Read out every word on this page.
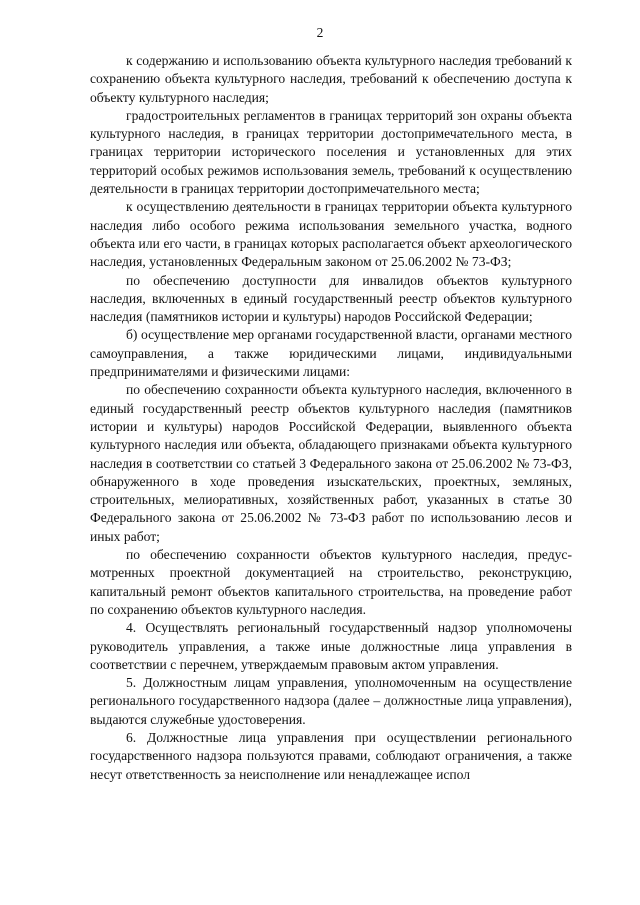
2

к содержанию и использованию объекта культурного наследия требований к сохранению объекта культурного наследия, требований к обеспечению доступа к объекту культурного наследия;

градостроительных регламентов в границах территорий зон охраны объекта культурного наследия, в границах территории достопримечательного места, в границах территории исторического поселения и установленных для этих территорий особых режимов использования земель, требований к осуществлению деятельности в границах территории достопримечательного места;

к осуществлению деятельности в границах территории объекта культурного наследия либо особого режима использования земельного участка, водного объекта или его части, в границах которых располагается объект археологического наследия, установленных Федеральным законом от 25.06.2002 № 73-ФЗ;

по обеспечению доступности для инвалидов объектов культурного наследия, включенных в единый государственный реестр объектов культурного наследия (памятников истории и культуры) народов Российской Федерации;

б) осуществление мер органами государственной власти, органами местного самоуправления, а также юридическими лицами, индивидуальными предпринимателями и физическими лицами:

по обеспечению сохранности объекта культурного наследия, включенного в единый государственный реестр объектов культурного наследия (памятников истории и культуры) народов Российской Федерации, выявленного объекта культурного наследия или объекта, обладающего признаками объекта культурного наследия в соответствии со статьей 3 Федерального закона от 25.06.2002 № 73-ФЗ, обнаруженного в ходе проведения изыскательских, проектных, земляных, строительных, мелиоративных, хозяйственных работ, указанных в статье 30 Федерального закона от 25.06.2002 № 73-ФЗ работ по использованию лесов и иных работ;

по обеспечению сохранности объектов культурного наследия, предусмотренных проектной документацией на строительство, реконструкцию, капитальный ремонт объектов капитального строительства, на проведение работ по сохранению объектов культурного наследия.

4. Осуществлять региональный государственный надзор уполномочены руководитель управления, а также иные должностные лица управления в соответствии с перечнем, утверждаемым правовым актом управления.

5. Должностным лицам управления, уполномоченным на осуществление регионального государственного надзора (далее – должностные лица управления), выдаются служебные удостоверения.

6. Должностные лица управления при осуществлении регионального государственного надзора пользуются правами, соблюдают ограничения, а также несут ответственность за неисполнение или ненадлежащее испол
